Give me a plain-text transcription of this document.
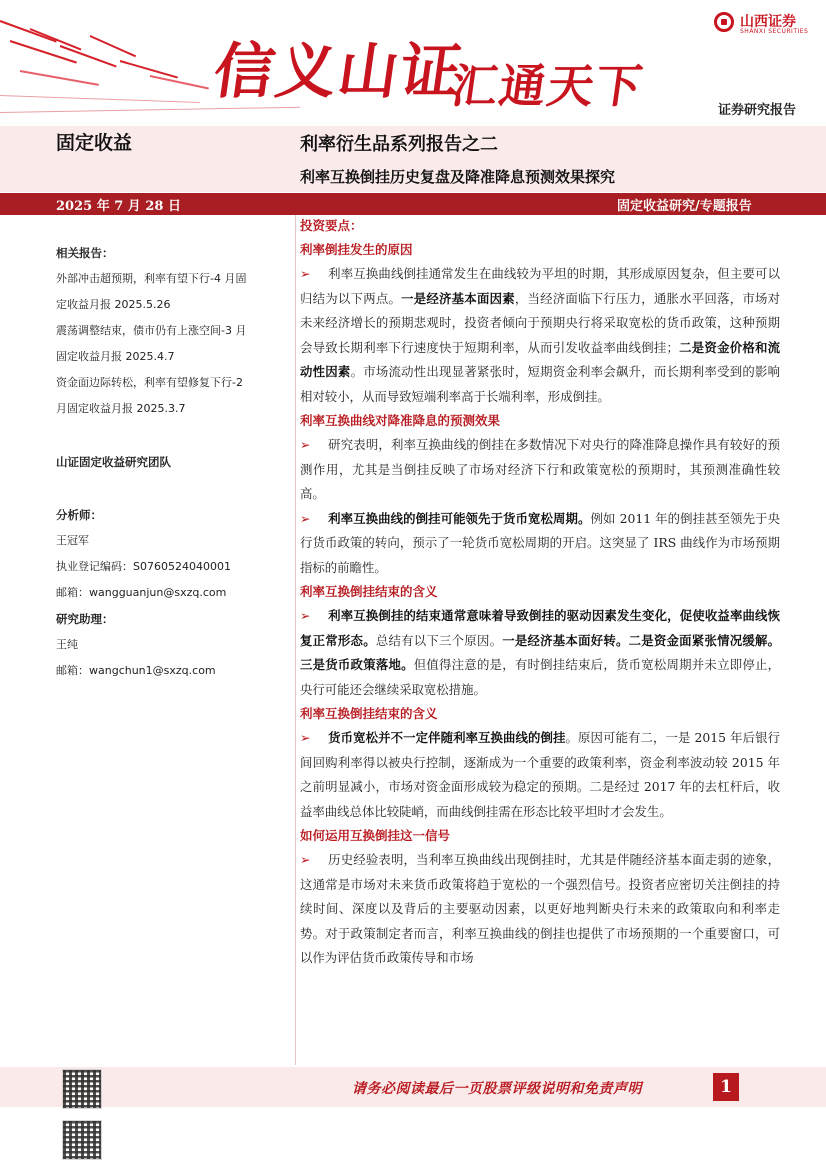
信义山证
汇通天下
山西证券
SHANXI SECURITIES
证券研究报告
固定收益	利率衍生品系列报告之二
利率互换倒挂历史复盘及降准降息预测效果探究
2025 年 7 月 28 日	固定收益研究/专题报告
相关报告：
外部冲击超预期，利率有望下行-4 月固
定收益月报 2025.5.26
震荡调整结束，债市仍有上涨空间-3 月
固定收益月报 2025.4.7
资金面边际转松，利率有望修复下行-2
月固定收益月报 2025.3.7
山证固定收益研究团队
分析师：
王冠军
执业登记编码：S0760524040001
邮箱：wangguanjun@sxzq.com
研究助理：
王纯
邮箱：wangchun1@sxzq.com
投资要点：
利率倒挂发生的原因

➢ 利率互换曲线倒挂通常发生在曲线较为平坦的时期，其形成原因复杂，但主要可以归结为以下两点。一是经济基本面因素，当经济面临下行压力，通胀水平回落，市场对未来经济增长的预期悲观时，投资者倾向于预期央行将采取宽松的货币政策，这种预期会导致长期利率下行速度快于短期利率，从而引发收益率曲线倒挂；二是资金价格和流动性因素。市场流动性出现显著紧张时，短期资金利率会飙升，而长期利率受到的影响相对较小，从而导致短端利率高于长端利率，形成倒挂。

利率互换曲线对降准降息的预测效果

➢ 研究表明，利率互换曲线的倒挂在多数情况下对央行的降准降息操作具有较好的预测作用，尤其是当倒挂反映了市场对经济下行和政策宽松的预期时，其预测准确性较高。

➢ 利率互换曲线的倒挂可能领先于货币宽松周期。例如 2011 年的倒挂甚至领先于央行货币政策的转向，预示了一轮货币宽松周期的开启。这突显了 IRS 曲线作为市场预期指标的前瞻性。

利率互换倒挂结束的含义

➢ 利率互换倒挂的结束通常意味着导致倒挂的驱动因素发生变化，促使收益率曲线恢复正常形态。总结有以下三个原因。一是经济基本面好转。二是资金面紧张情况缓解。三是货币政策落地。但值得注意的是，有时倒挂结束后，货币宽松周期并未立即停止，央行可能还会继续采取宽松措施。

利率互换倒挂结束的含义

➢ 货币宽松并不一定伴随利率互换曲线的倒挂。原因可能有二，一是 2015 年后银行间回购利率得以被央行控制，逐渐成为一个重要的政策利率，资金利率波动较 2015 年之前明显减小，市场对资金面形成较为稳定的预期。二是经过 2017 年的去杠杆后，收益率曲线总体比较陡峭，而曲线倒挂需在形态比较平坦时才会发生。

如何运用互换倒挂这一信号

➢ 历史经验表明，当利率互换曲线出现倒挂时，尤其是伴随经济基本面走弱的迹象，这通常是市场对未来货币政策将趋于宽松的一个强烈信号。投资者应密切关注倒挂的持续时间、深度以及背后的主要驱动因素，以更好地判断央行未来的政策取向和利率走势。对于政策制定者而言，利率互换曲线的倒挂也提供了市场预期的一个重要窗口，可以作为评估货币政策传导和市场

请务必阅读最后一页股票评级说明和免责声明	1
